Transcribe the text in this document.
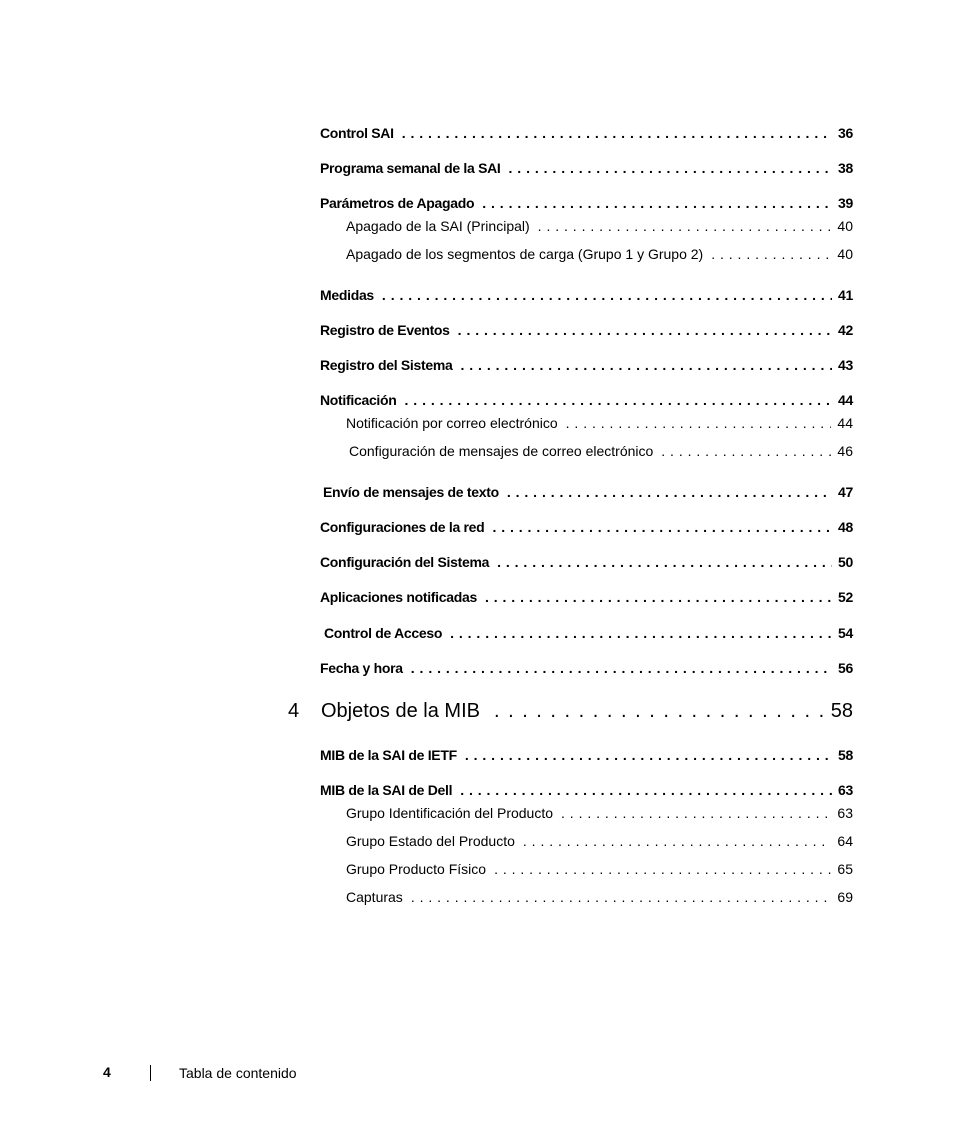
Control SAI . . .	36
Programa semanal de la SAI . . .	38
Parámetros de Apagado . . .	39
Apagado de la SAI (Principal) . . .	40
Apagado de los segmentos de carga (Grupo 1 y Grupo 2) . . .	40
Medidas . . .	41
Registro de Eventos . . .	42
Registro del Sistema . . .	43
Notificación . . .	44
Notificación por correo electrónico . . .	44
Configuración de mensajes de correo electrónico . . .	46
Envío de mensajes de texto . . .	47
Configuraciones de la red . . .	48
Configuración del Sistema . . .	50
Aplicaciones notificadas . . .	52
Control de Acceso . . .	54
Fecha y hora . . .	56
4	Objetos de la MIB . . .	58
MIB de la SAI de IETF . . .	58
MIB de la SAI de Dell . . .	63
Grupo Identificación del Producto . . .	63
Grupo Estado del Producto . . .	64
Grupo Producto Físico . . .	65
Capturas . . .	69
4	Tabla de contenido
